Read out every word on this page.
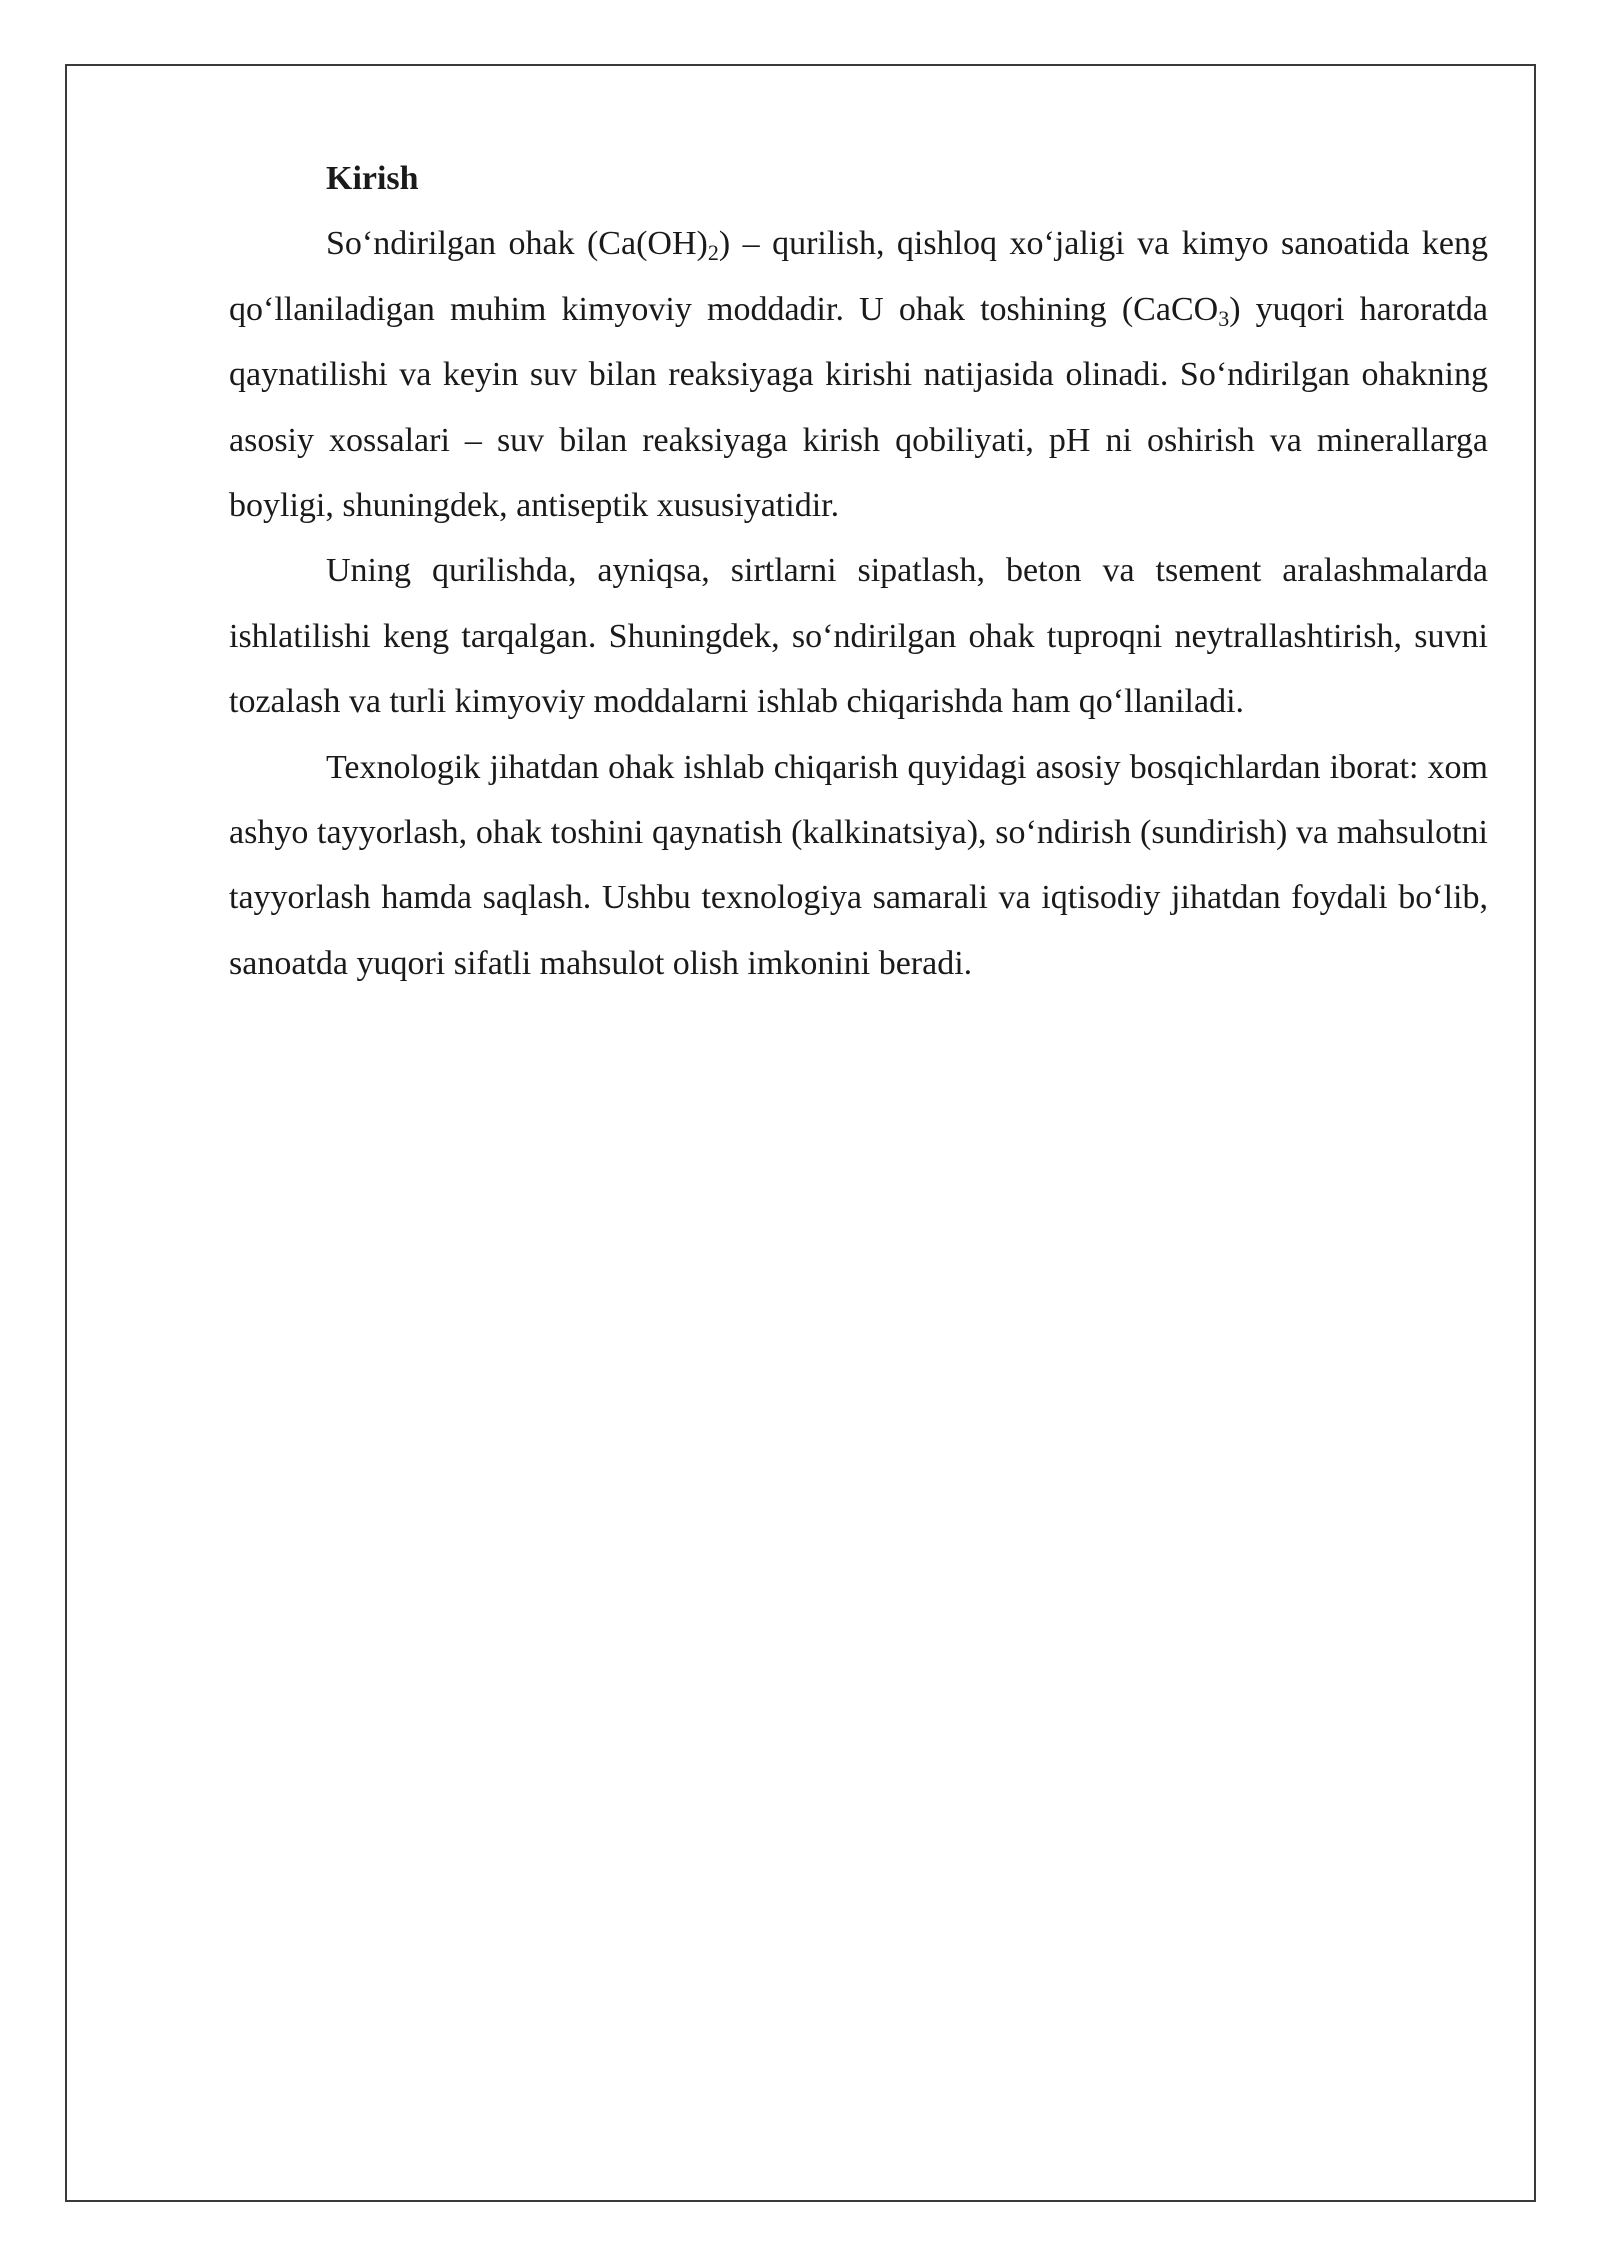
Kirish

So‘ndirilgan ohak $(Ca(OH)_2)$ – qurilish, qishloq xo‘jaligi va kimyo sanoatida keng qo‘llaniladigan muhim kimyoviy moddadir. U ohak toshining (CaCO$_3$) yuqori haroratda qaynatilishi va keyin suv bilan reaksiyaga kirishi natijasida olinadi. So‘ndirilgan ohakning asosiy xossalari – suv bilan reaksiyaga kirish qobiliyati, pH ni oshirish va minerallarga boyligi, shuningdek, antiseptik xususiyatidir.

Uning qurilishda, ayniqsa, sirtlarni sipatlash, beton va tsement aralashmalarda ishlatilishi keng tarqalgan. Shuningdek, so‘ndirilgan ohak tuproqni neytrallashtirish, suvni tozalash va turli kimyoviy moddalarni ishlab chiqarishda ham qo‘llaniladi.

Texnologik jihatdan ohak ishlab chiqarish quyidagi asosiy bosqichlardan iborat: xom ashyo tayyorlash, ohak toshini qaynatish (kalkinatsiya), so‘ndirish (sundirish) va mahsulotni tayyorlash hamda saqlash. Ushbu texnologiya samarali va iqtisodiy jihatdan foydali bo‘lib, sanoatda yuqori sifatli mahsulot olish imkonini beradi.
